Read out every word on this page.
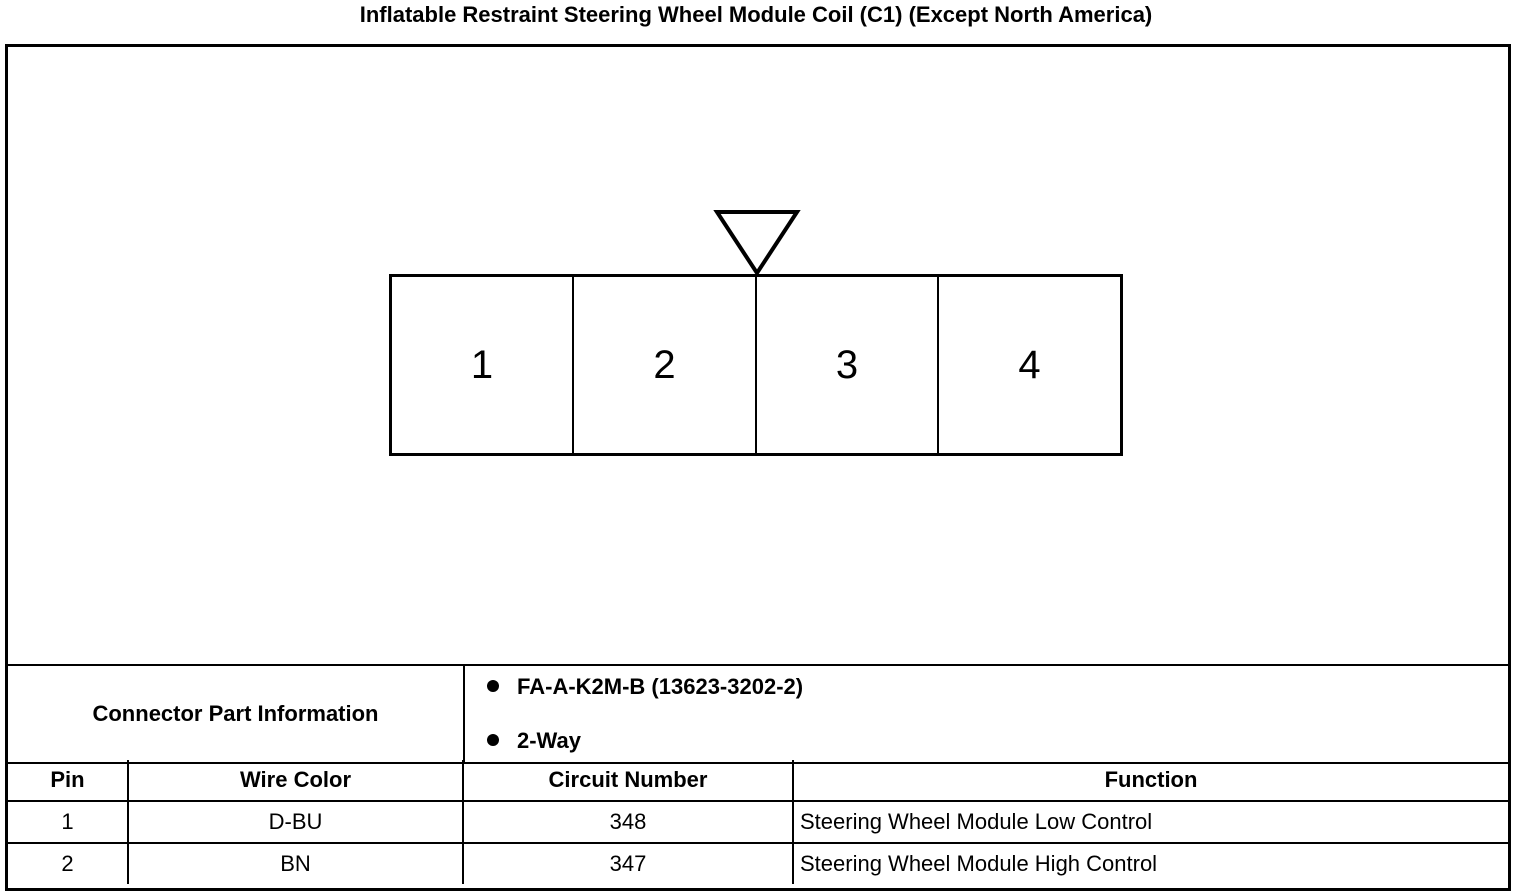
Inflatable Restraint Steering Wheel Module Coil (C1) (Except North America)
1	2	3	4
Connector Part Information
FA-A-K2M-B (13623-3202-2)
2-Way
Pin	Wire Color	Circuit Number	Function
1	D-BU	348	Steering Wheel Module Low Control
2	BN	347	Steering Wheel Module High Control
